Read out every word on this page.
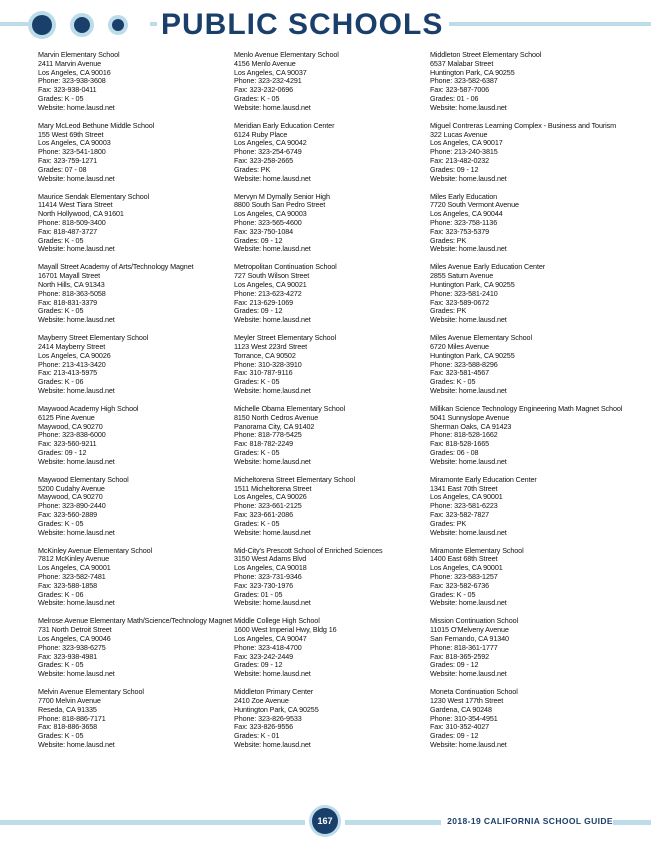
PUBLIC SCHOOLS
Marvin Elementary School
2411 Marvin Avenue
Los Angeles, CA 90016
Phone: 323-938-3608
Fax: 323-938-0411
Grades: K - 05
Website: home.lausd.net
Mary McLeod Bethune Middle School
155 West 69th Street
Los Angeles, CA 90003
Phone: 323-541-1800
Fax: 323-759-1271
Grades: 07 - 08
Website: home.lausd.net
Maurice Sendak Elementary School
11414 West Tiara Street
North Hollywood, CA 91601
Phone: 818-509-3400
Fax: 818-487-3727
Grades: K - 05
Website: home.lausd.net
Mayall Street Academy of Arts/Technology Magnet
16701 Mayall Street
North Hills, CA 91343
Phone: 818-363-5058
Fax: 818-831-3379
Grades: K - 05
Website: home.lausd.net
Mayberry Street Elementary School
2414 Mayberry Street
Los Angeles, CA 90026
Phone: 213-413-3420
Fax: 213-413-5975
Grades: K - 06
Website: home.lausd.net
Maywood Academy High School
6125 Pine Avenue
Maywood, CA 90270
Phone: 323-838-6000
Fax: 323-560-9211
Grades: 09 - 12
Website: home.lausd.net
Maywood Elementary School
5200 Cudahy Avenue
Maywood, CA 90270
Phone: 323-890-2440
Fax: 323-560-2889
Grades: K - 05
Website: home.lausd.net
McKinley Avenue Elementary School
7812 McKinley Avenue
Los Angeles, CA 90001
Phone: 323-582-7481
Fax: 323-588-1858
Grades: K - 06
Website: home.lausd.net
Melrose Avenue Elementary Math/Science/Technology Magnet
731 North Detroit Street
Los Angeles, CA 90046
Phone: 323-938-6275
Fax: 323-938-4981
Grades: K - 05
Website: home.lausd.net
Melvin Avenue Elementary School
7700 Melvin Avenue
Reseda, CA 91335
Phone: 818-886-7171
Fax: 818-886-3658
Grades: K - 05
Website: home.lausd.net
Menlo Avenue Elementary School
4156 Menlo Avenue
Los Angeles, CA 90037
Phone: 323-232-4291
Fax: 323-232-0696
Grades: K - 05
Website: home.lausd.net
Meridian Early Education Center
6124 Ruby Place
Los Angeles, CA 90042
Phone: 323-254-6749
Fax: 323-258-2665
Grades: PK
Website: home.lausd.net
Mervyn M Dymally Senior High
8800 South San Pedro Street
Los Angeles, CA 90003
Phone: 323-565-4600
Fax: 323-750-1084
Grades: 09 - 12
Website: home.lausd.net
Metropolitan Continuation School
727 South Wilson Street
Los Angeles, CA 90021
Phone: 213-623-4272
Fax: 213-629-1069
Grades: 09 - 12
Website: home.lausd.net
Meyler Street Elementary School
1123 West 223rd Street
Torrance, CA 90502
Phone: 310-328-3910
Fax: 310-787-9116
Grades: K - 05
Website: home.lausd.net
Michelle Obama Elementary School
8150 North Cedros Avenue
Panorama City, CA 91402
Phone: 818-778-5425
Fax: 818-782-2249
Grades: K - 05
Website: home.lausd.net
Micheltorena Street Elementary School
1511 Micheltorena Street
Los Angeles, CA 90026
Phone: 323-661-2125
Fax: 323-661-2086
Grades: K - 05
Website: home.lausd.net
Mid-City's Prescott School of Enriched Sciences
3150 West Adams Blvd
Los Angeles, CA 90018
Phone: 323-731-9346
Fax: 323-730-1976
Grades: 01 - 05
Website: home.lausd.net
Middle College High School
1600 West Imperial Hwy, Bldg 16
Los Angeles, CA 90047
Phone: 323-418-4700
Fax: 323-242-2449
Grades: 09 - 12
Website: home.lausd.net
Middleton Primary Center
2410 Zoe Avenue
Huntington Park, CA 90255
Phone: 323-826-9533
Fax: 323-826-9556
Grades: K - 01
Website: home.lausd.net
Middleton Street Elementary School
6537 Malabar Street
Huntington Park, CA 90255
Phone: 323-582-6387
Fax: 323-587-7006
Grades: 01 - 06
Website: home.lausd.net
Miguel Contreras Learning Complex - Business and Tourism
322 Lucas Avenue
Los Angeles, CA 90017
Phone: 213-240-3815
Fax: 213-482-0232
Grades: 09 - 12
Website: home.lausd.net
Miles Early Education
7720 South Vermont Avenue
Los Angeles, CA 90044
Phone: 323-758-1136
Fax: 323-753-5379
Grades: PK
Website: home.lausd.net
Miles Avenue Early Education Center
2855 Saturn Avenue
Huntington Park, CA 90255
Phone: 323-581-2410
Fax: 323-589-0672
Grades: PK
Website: home.lausd.net
Miles Avenue Elementary School
6720 Miles Avenue
Huntington Park, CA 90255
Phone: 323-588-8296
Fax: 323-581-4567
Grades: K - 05
Website: home.lausd.net
Millikan Science Technology Engineering Math Magnet School
5041 Sunnyslope Avenue
Sherman Oaks, CA 91423
Phone: 818-528-1662
Fax: 818-528-1665
Grades: 06 - 08
Website: home.lausd.net
Miramonte Early Education Center
1341 East 70th Street
Los Angeles, CA 90001
Phone: 323-581-6223
Fax: 323-582-7827
Grades: PK
Website: home.lausd.net
Miramonte Elementary School
1400 East 68th Street
Los Angeles, CA 90001
Phone: 323-583-1257
Fax: 323-582-6736
Grades: K - 05
Website: home.lausd.net
Mission Continuation School
11015 O'Melveny Avenue
San Fernando, CA 91340
Phone: 818-361-1777
Fax: 818-365-2592
Grades: 09 - 12
Website: home.lausd.net
Moneta Continuation School
1230 West 177th Street
Gardena, CA 90248
Phone: 310-354-4951
Fax: 310-352-4027
Grades: 09 - 12
Website: home.lausd.net
167	2018-19 CALIFORNIA SCHOOL GUIDE
